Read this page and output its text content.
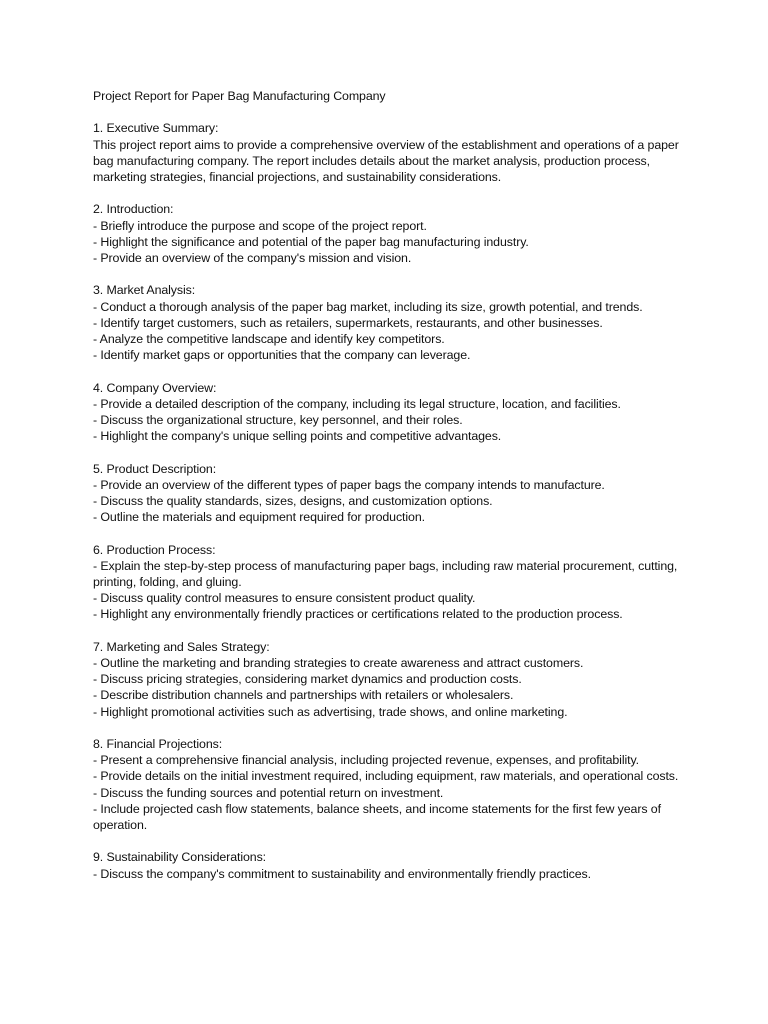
Project Report for Paper Bag Manufacturing Company
1. Executive Summary:

This project report aims to provide a comprehensive overview of the establishment and operations of a paper bag manufacturing company. The report includes details about the market analysis, production process, marketing strategies, financial projections, and sustainability considerations.

2. Introduction:
- Briefly introduce the purpose and scope of the project report.
- Highlight the significance and potential of the paper bag manufacturing industry.
- Provide an overview of the company's mission and vision.
3. Market Analysis:
- Conduct a thorough analysis of the paper bag market, including its size, growth potential, and trends.
- Identify target customers, such as retailers, supermarkets, restaurants, and other businesses.
- Analyze the competitive landscape and identify key competitors.
- Identify market gaps or opportunities that the company can leverage.
4. Company Overview:
- Provide a detailed description of the company, including its legal structure, location, and facilities.
- Discuss the organizational structure, key personnel, and their roles.
- Highlight the company's unique selling points and competitive advantages.
5. Product Description:
- Provide an overview of the different types of paper bags the company intends to manufacture.
- Discuss the quality standards, sizes, designs, and customization options.
- Outline the materials and equipment required for production.
6. Production Process:
- Explain the step-by-step process of manufacturing paper bags, including raw material procurement, cutting, printing, folding, and gluing.
- Discuss quality control measures to ensure consistent product quality.
- Highlight any environmentally friendly practices or certifications related to the production process.
7. Marketing and Sales Strategy:
- Outline the marketing and branding strategies to create awareness and attract customers.
- Discuss pricing strategies, considering market dynamics and production costs.
- Describe distribution channels and partnerships with retailers or wholesalers.
- Highlight promotional activities such as advertising, trade shows, and online marketing.
8. Financial Projections:
- Present a comprehensive financial analysis, including projected revenue, expenses, and profitability.
- Provide details on the initial investment required, including equipment, raw materials, and operational costs.
- Discuss the funding sources and potential return on investment.
- Include projected cash flow statements, balance sheets, and income statements for the first few years of operation.
9. Sustainability Considerations:
- Discuss the company's commitment to sustainability and environmentally friendly practices.
